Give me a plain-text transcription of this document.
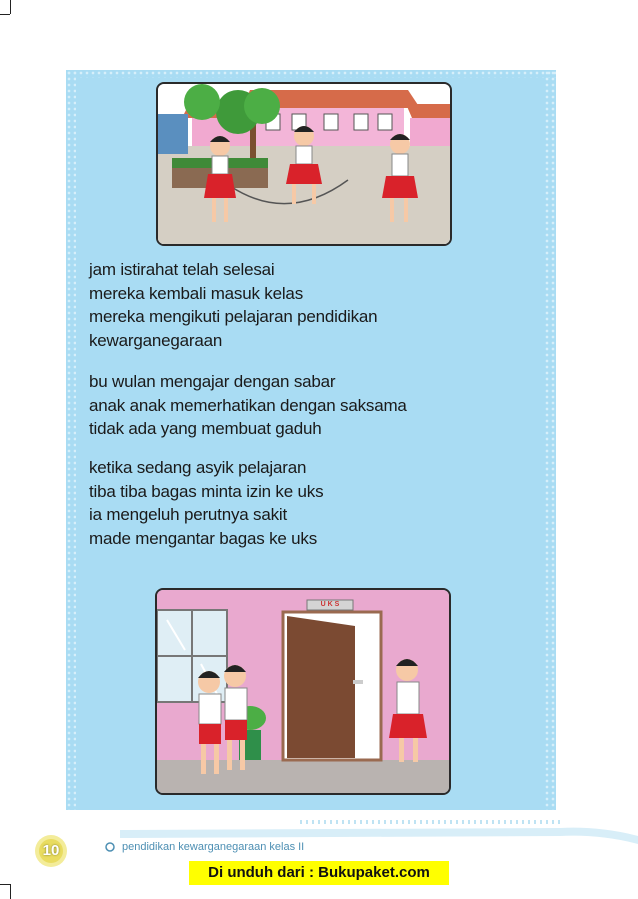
jam istirahat telah selesai
mereka kembali masuk kelas
mereka mengikuti pelajaran pendidikan
kewarganegaraan
bu wulan mengajar dengan sabar
anak anak memerhatikan dengan saksama
tidak ada yang membuat gaduh
ketika sedang asyik pelajaran
tiba tiba bagas minta izin ke uks
ia mengeluh perutnya sakit
made mengantar bagas ke uks
U K S
10	pendidikan kewarganegaraan kelas II
Di unduh dari : Bukupaket.com
